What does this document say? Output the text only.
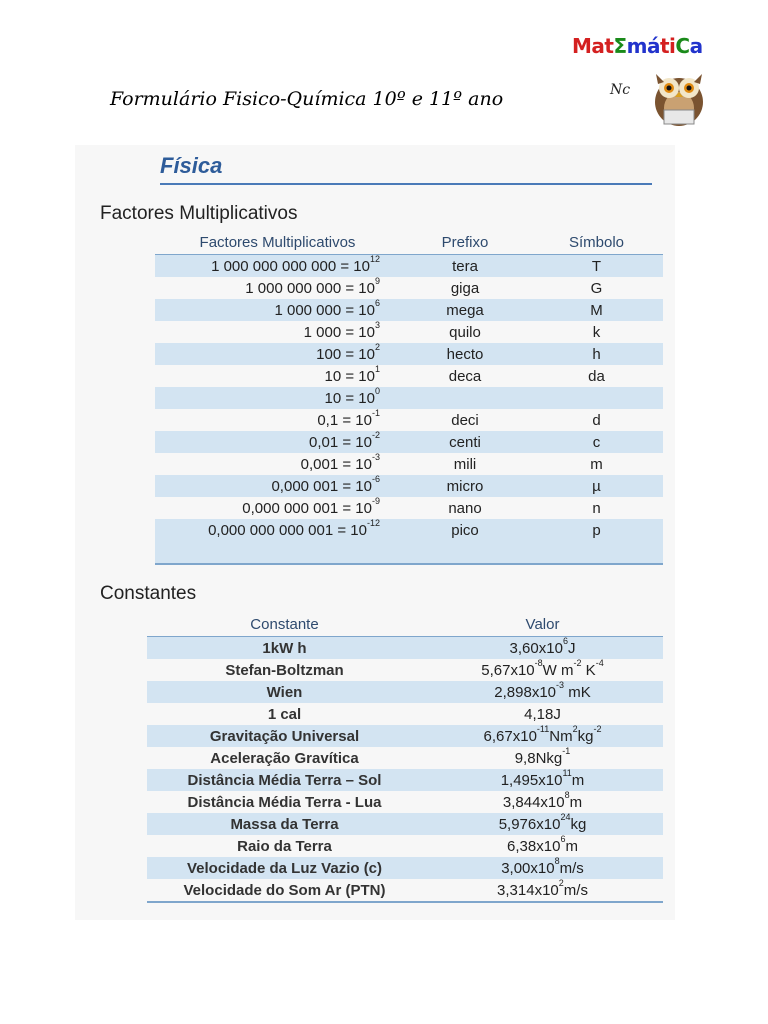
Formulário Fisico-Química 10º e 11º ano
MatΣmátiCa
Nc
Física
Factores Multiplicativos
Factores Multiplicativos	Prefixo	Símbolo
1 000 000 000 $000 = 10^{12}$	tera	T
1 000 000 $000 = 10^9$	giga	G
1 000 $000 = 10^6$	mega	M
1 $000 = 10^3$	quilo	k
$100 = 10^2$	hecto	h
$10 = 10^1$	deca	da
$10 = 10^0$		
$0,1 = 10^{-1}$	deci	d
$0,01 = 10^{-2}$	centi	c
$0,001 = 10^{-3}$	mili	m
0,000 $001 = 10^{-6}$	micro	µ
0,000 000 $001 = 10^{-9}$	nano	n
0,000 000 000 $001 = 10^{-12}$	pico	p

Constantes
Constante	Valor
1kW h	$3,60x10^6J$
Stefan-Boltzman	$5,67x10^{-8}W$ $m^{-2}$ $K^{-4}$
Wien	$2,898x10^{-3}$ mK
1 cal	4,18J
Gravitação Universal	$6,67x10^{-11}Nm^2kg^{-2}$
Aceleração Gravítica	9,8Nkg$^{-1}$
Distância Média Terra – Sol	$1,495x10^{11}m$
Distância Média Terra - Lua	$3,844x10^8m$
Massa da Terra	$5,976x10^{24}kg$
Raio da Terra	$6,38x10^6m$
Velocidade da Luz Vazio (c)	$3,00x10^8m/s$
Velocidade do Som Ar (PTN)	$3,314x10^2m/s$
